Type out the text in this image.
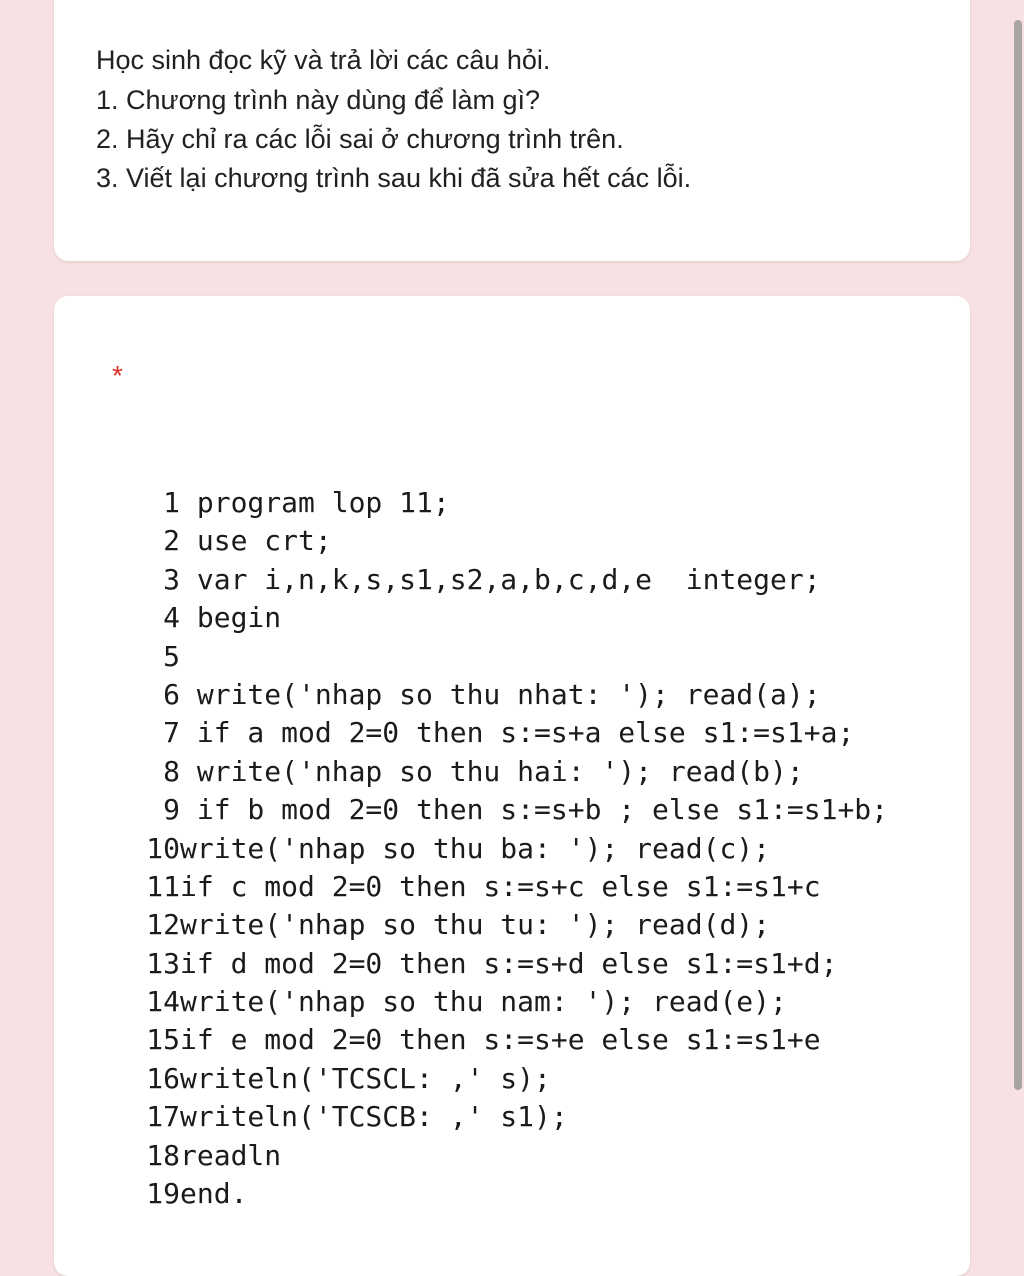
Học sinh đọc kỹ và trả lời các câu hỏi.
1. Chương trình này dùng để làm gì?
2. Hãy chỉ ra các lỗi sai ở chương trình trên.
3. Viết lại chương trình sau khi đã sửa hết các lỗi.
*
1 program lop 11;
2 use crt;
3 var i,n,k,s,s1,s2,a,b,c,d,e  integer;
4 begin
5

6 write('nhap so thu nhat: '); read(a);
7 if a mod 2=0 then s:=s+a else s1:=s1+a;
8 write('nhap so thu hai: '); read(b);
9 if b mod 2=0 then s:=s+b ; else s1:=s1+b;
10 write('nhap so thu ba: '); read(c);
11 if c mod 2=0 then s:=s+c else s1:=s1+c
12 write('nhap so thu tu: '); read(d);
13 if d mod 2=0 then s:=s+d else s1:=s1+d;
14 write('nhap so thu nam: '); read(e);
15 if e mod 2=0 then s:=s+e else s1:=s1+e
16 writeln('TCSCL: ,' s);
17 writeln('TCSCB: ,' s1);
18 readln
19 end.
